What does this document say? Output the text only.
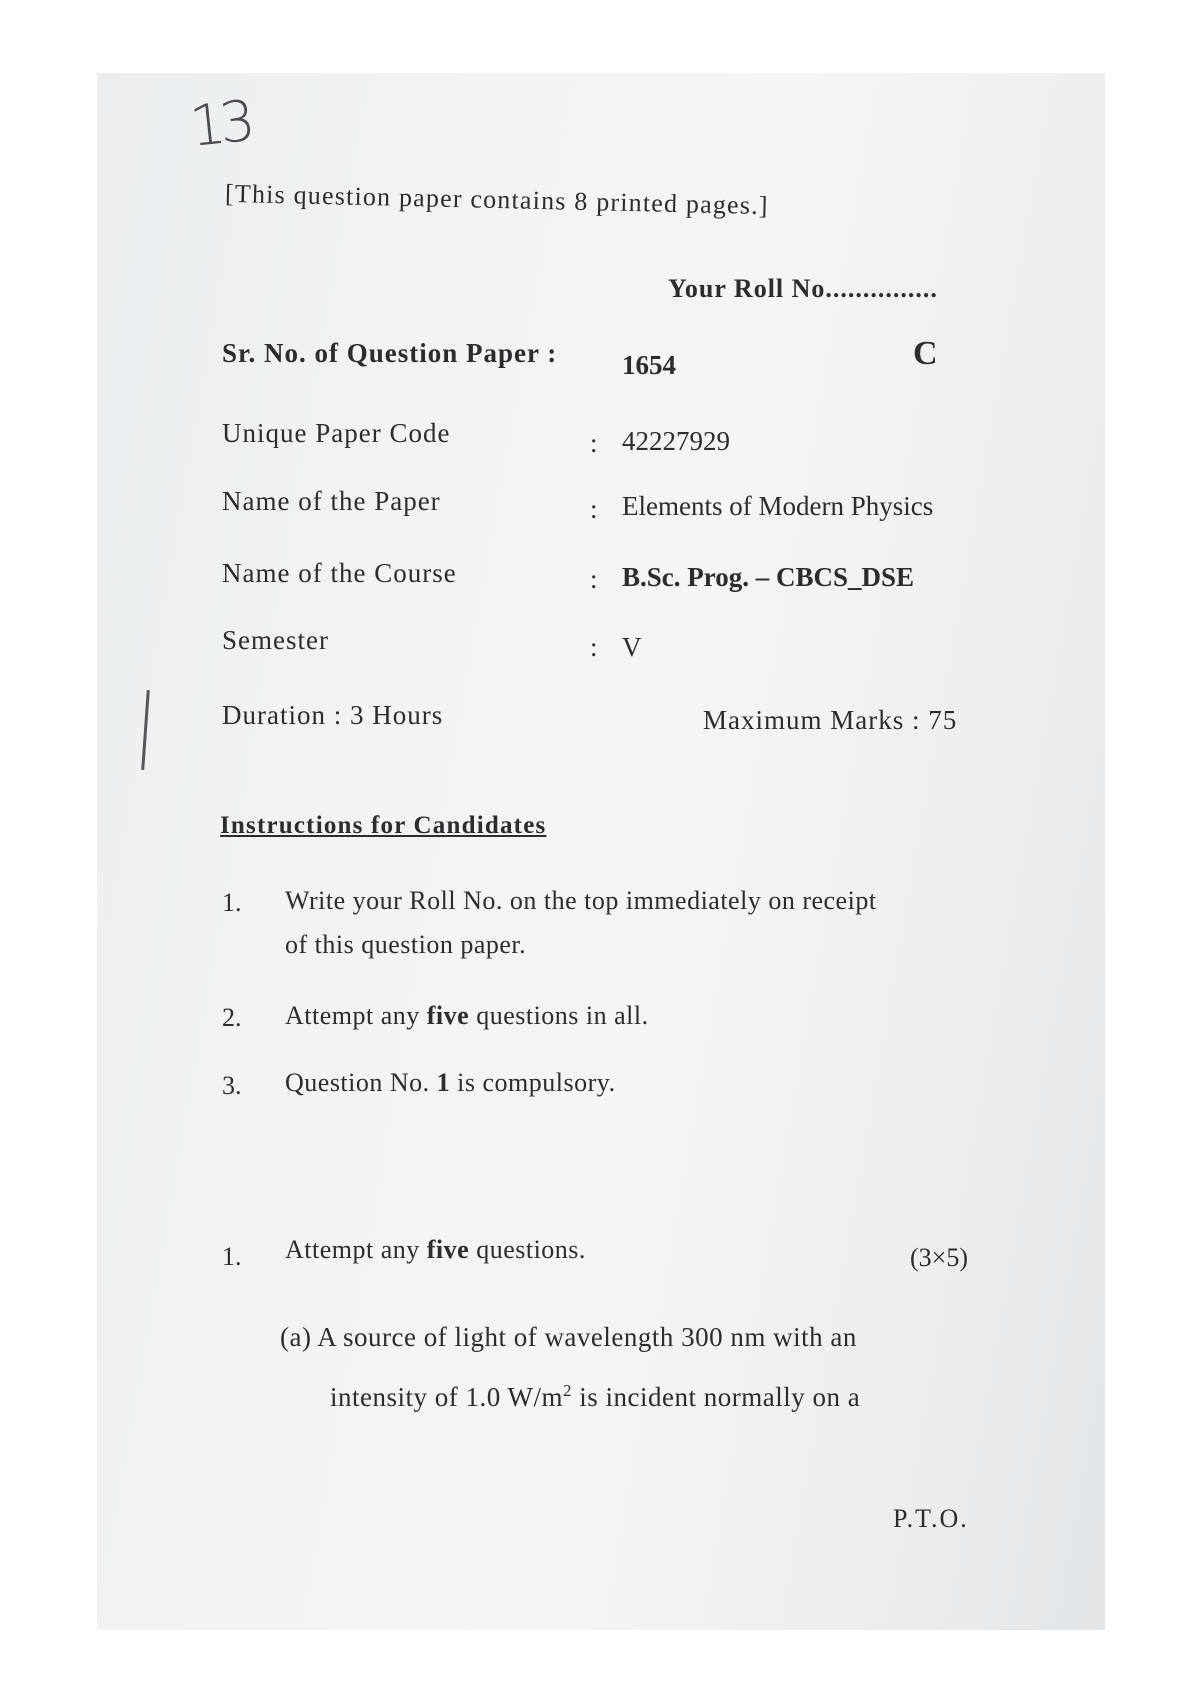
13
[This question paper contains 8 printed pages.]
Your Roll No...............
Sr. No. of Question Paper : 1654	C
Unique Paper Code	: 42227929
Name of the Paper	: Elements of Modern Physics
Name of the Course	: B.Sc. Prog. – CBCS_DSE
Semester	: V
Duration : 3 Hours	Maximum Marks : 75
Instructions for Candidates
1. Write your Roll No. on the top immediately on receipt
of this question paper.
2. Attempt any five questions in all.
3. Question No. 1 is compulsory.
1. Attempt any five questions.	(3×5)
(a) A source of light of wavelength 300 nm with an
intensity of 1.0 $W/m^2$ is incident normally on a
P.T.O.
